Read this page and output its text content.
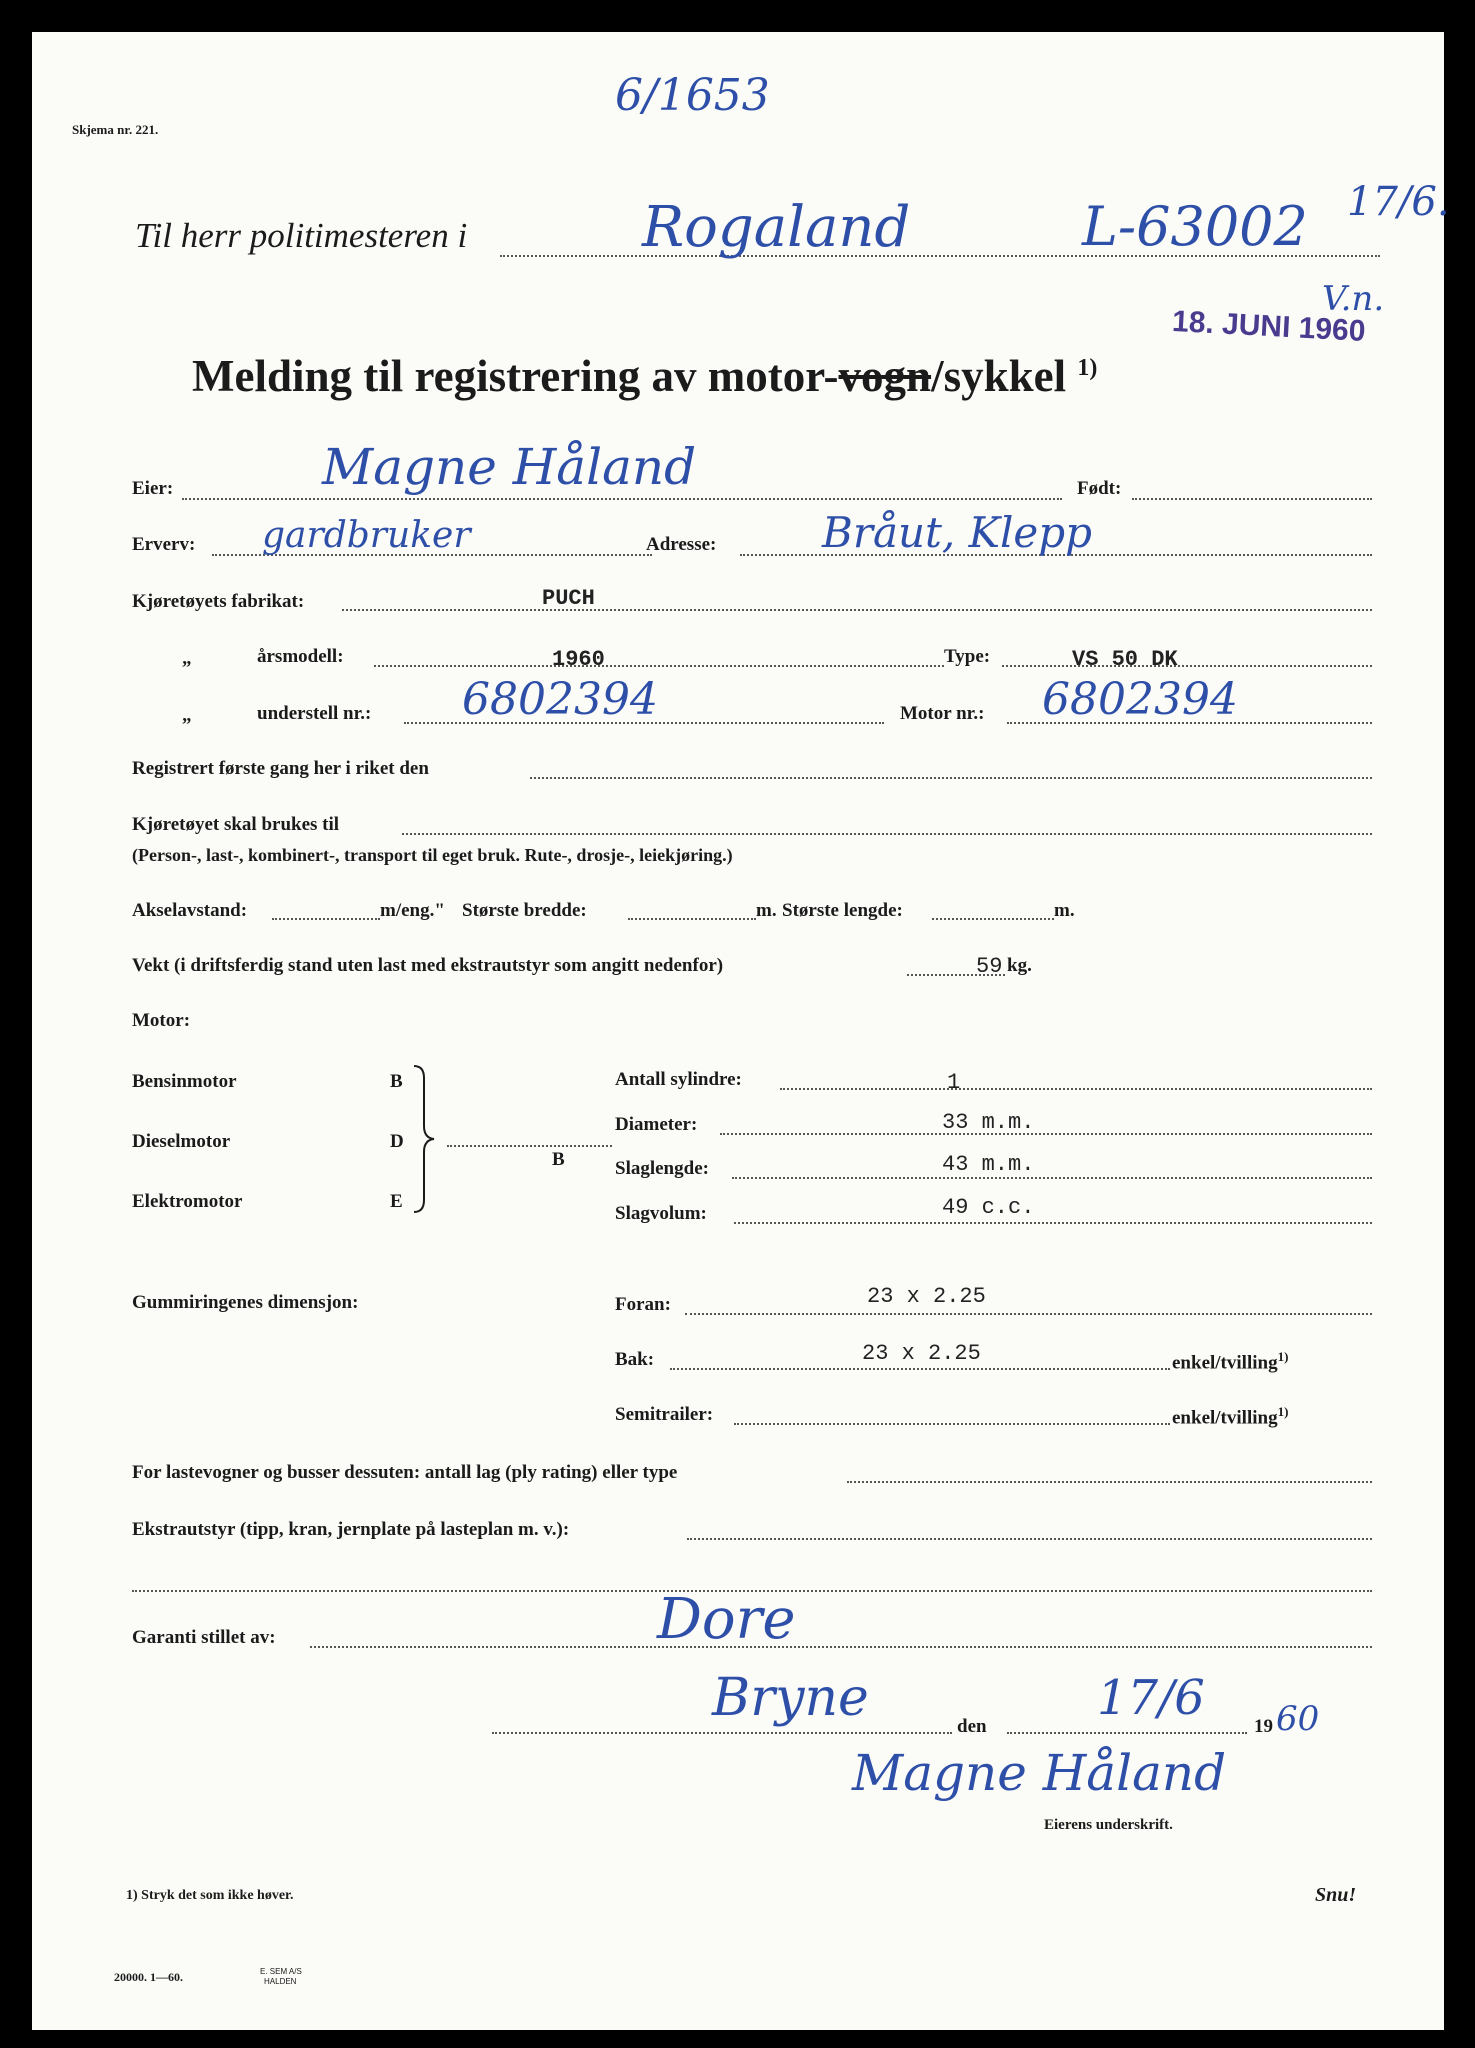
Skjema nr. 221.
6/1653
Til herr politimesteren i	Rogaland	L-63002 17/6.
V.n.
18. JUNI 1960
Melding til registrering av motor-vogn/sykkel $^{1)}$
Eier:	Magne Håland	Født:
Erverv: gardbruker	Adresse:	Bråut, Klepp
Kjøretøyets fabrikat:	PUCH
„	årsmodell:	1960	Type:	VS 50 DK
„	understell nr.: 6802394	Motor nr.: 6802394
Registrert første gang her i riket den
Kjøretøyet skal brukes til
(Person-, last-, kombinert-, transport til eget bruk. Rute-, drosje-, leiekjøring.)
Akselavstand:	m/eng." Største bredde:	m. Største lengde:	m.
Vekt (i driftsferdig stand uten last med ekstrautstyr som angitt nedenfor)	59 kg.
Motor:
Bensinmotor	B
Dieselmotor	D
Elektromotor	E
B
Antall sylindre:	1
Diameter:	33 m.m.
Slaglengde:	43 m.m.
Slagvolum:	49 c.c.
Gummiringenes dimensjon:	Foran:	23 x 2.25
Bak:	23 x 2.25	enkel/tvilling$^{1)}$
Semitrailer:	enkel/tvilling$^{1)}$
For lastevogner og busser dessuten: antall lag (ply rating) eller type
Ekstrautstyr (tipp, kran, jernplate på lasteplan m. v.):
Garanti stillet av:	Dore
Bryne	den
17/6
19 60
Magne Håland
Eierens underskrift.
1) Stryk det som ikke høver.	Snu!
20000. 1—60.	E. SEM A/S
HALDEN
